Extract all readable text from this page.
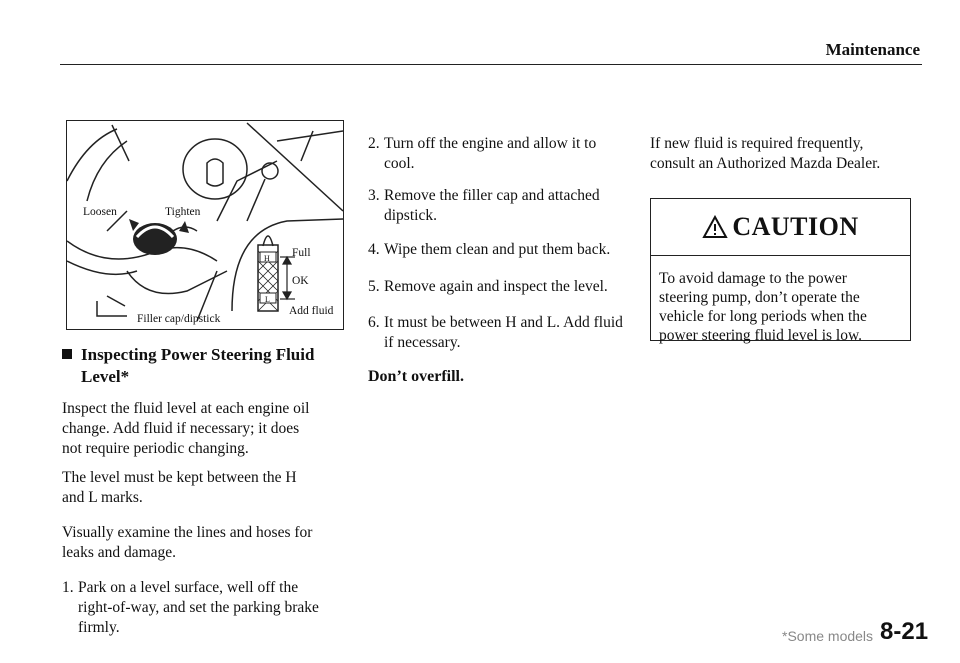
Maintenance
Loosen	Tighten
Full
OK
Add fluid
H
L
Filler cap/dipstick
Inspecting Power Steering Fluid
Level*
Inspect the fluid level at each engine oil
change. Add fluid if necessary; it does
not require periodic changing.
The level must be kept between the H
and L marks.
Visually examine the lines and hoses for
leaks and damage.
1. Park on a level surface, well off the
right-of-way, and set the parking brake
firmly.
2. Turn off the engine and allow it to
cool.
3. Remove the filler cap and attached
dipstick.
4. Wipe them clean and put them back.
5. Remove again and inspect the level.
6. It must be between H and L. Add fluid
if necessary.
Don’t overfill.
If new fluid is required frequently,
consult an Authorized Mazda Dealer.
CAUTION
To avoid damage to the power
steering pump, don’t operate the
vehicle for long periods when the
power steering fluid level is low.
*Some models 8-21
